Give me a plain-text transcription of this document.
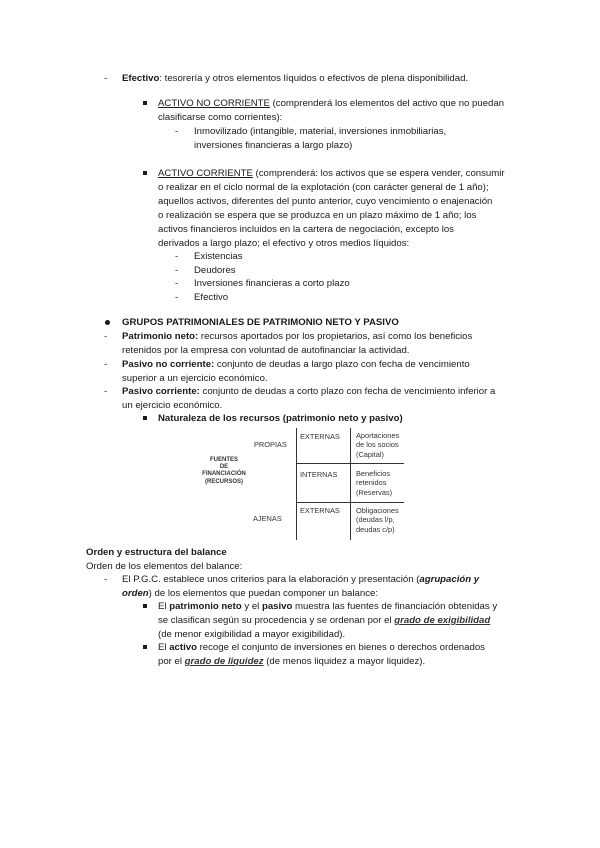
- Efectivo: tesorería y otros elementos líquidos o efectivos de plena disponibilidad.
ACTIVO NO CORRIENTE (comprenderá los elementos del activo que no puedan
clasificarse como corrientes):
- Inmovilizado (intangible, material, inversiones inmobiliarias,
inversiones financieras a largo plazo)
ACTIVO CORRIENTE (comprenderá: los activos que se espera vender, consumir
o realizar en el ciclo normal de la explotación (con carácter general de 1 año);
aquellos activos, diferentes del punto anterior, cuyo vencimiento o enajenación
o realización se espera que se produzca en un plazo máximo de 1 año; los
activos financieros incluidos en la cartera de negociación, excepto los
derivados a largo plazo; el efectivo y otros medios líquidos:
- Existencias
- Deudores
- Inversiones financieras a corto plazo
- Efectivo
GRUPOS PATRIMONIALES DE PATRIMONIO NETO Y PASIVO
- Patrimonio neto: recursos aportados por los propietarios, así como los beneficios
retenidos por la empresa con voluntad de autofinanciar la actividad.
- Pasivo no corriente: conjunto de deudas a largo plazo con fecha de vencimiento
superior a un ejercicio económico.
- Pasivo corriente: conjunto de deudas a corto plazo con fecha de vencimiento inferior a
un ejercicio económico.
Naturaleza de los recursos (patrimonio neto y pasivo)
FUENTES
DE
FINANCIACIÓN
(RECURSOS)
PROPIAS
AJENAS
EXTERNAS
INTERNAS
EXTERNAS
Aportaciones
de los socios
(Capital)
Beneficios
retenidos
(Reservas)
Obligaciones
(deudas l/p,
deudas c/p)
Orden y estructura del balance
Orden de los elementos del balance:
- El P.G.C. establece unos criterios para la elaboración y presentación (agrupación y
orden) de los elementos que puedan componer un balance:
El patrimonio neto y el pasivo muestra las fuentes de financiación obtenidas y
se clasifican según su procedencia y se ordenan por el grado de exigibilidad
(de menor exigibilidad a mayor exigibilidad).
El activo recoge el conjunto de inversiones en bienes o derechos ordenados
por el grado de liquidez (de menos liquidez a mayor liquidez).
